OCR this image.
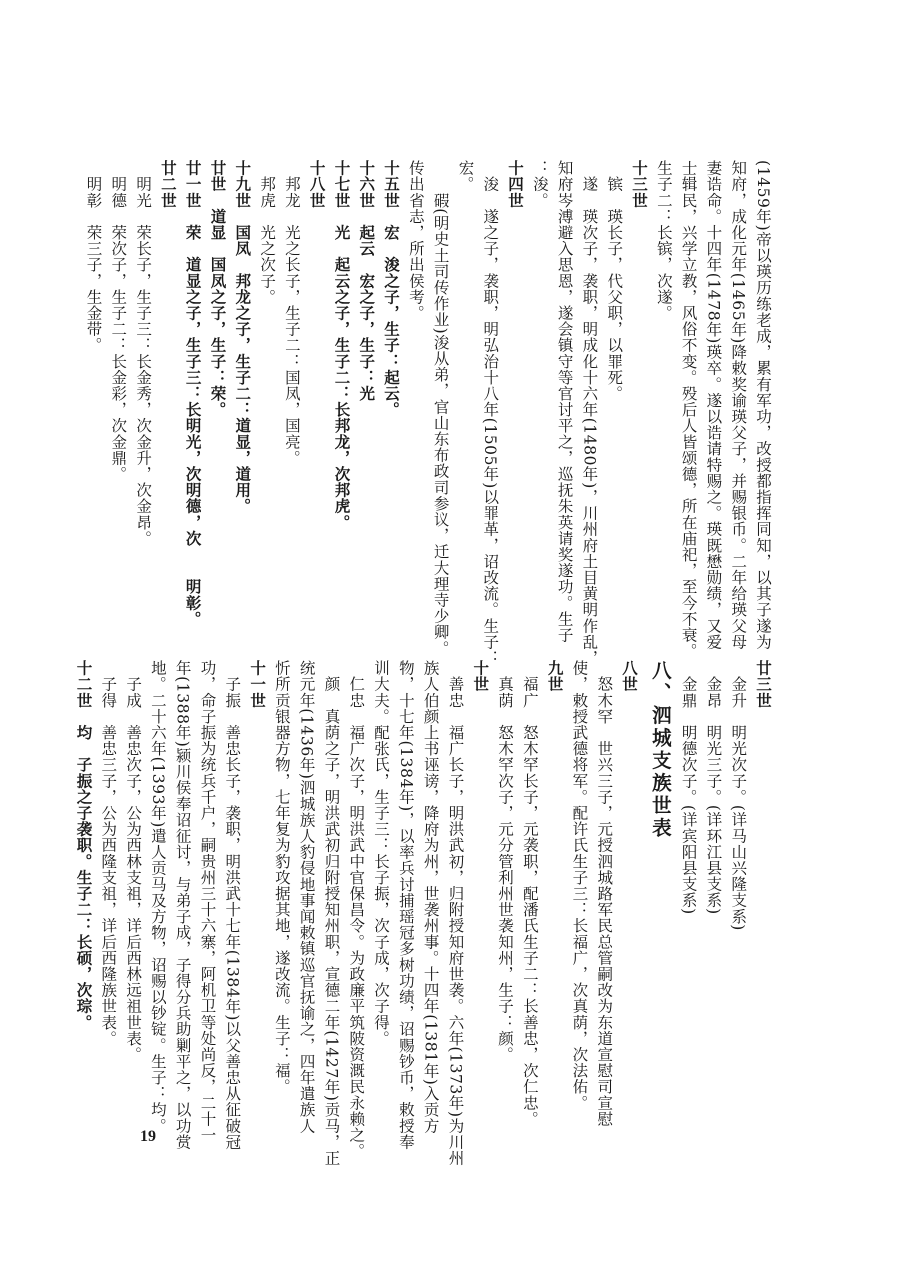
(1459年)帝以瑛历练老成，累有军功，改授都指挥同知，以其子遂为
知府，成化元年(1465年)降敕奖谕瑛父子，并赐银币。二年给瑛父母
妻诰命。十四年(1478年)瑛卒。遂以诰请特赐之。瑛既懋勋绩，又爱
士辑民，兴学立教，风俗不变。殁后人皆颂德，所在庙祀，至今不衰。
生子二：长镔，次遂。
十三世
　镔　瑛长子，代父职，以罪死。
　遂　瑛次子，袭职，明成化十六年(1480年)，川州府土目黄明作乱，
知府岑溥避入思恩，遂会镇守等官讨平之，巡抚朱英请奖遂功。生子
：浚。
十四世
　浚　遂之子，袭职，明弘治十八年(1505年)以罪革，诏改流。生子：
宏。
　　碬(明史土司传作业)浚从弟，官山东布政司参议，迁大理寺少卿。
传出省志，所出侯考。
十五世　宏　浚之子，生子：起云。
十六世　起云　宏之子，生子：光
十七世　光　起云之子，生子二：长邦龙，次邦虎。
十八世
　邦龙　光之长子，生子二：国凤，国亮。
　邦虎　光之次子。
十九世　国凤　邦龙之子，生子二：道显，道用。
廿世　道显　国凤之子，生子：荣。
廿一世　荣　道显之子，生子三：长明光，次明德，次　　明彰。
廿二世
　明光　荣长子，生子三：长金秀，次金升，次金昂。
　明德　荣次子，生子二：长金彩，次金鼎。
　明彰　荣三子，生金带。
廿三世
　金升　明光次子。(详马山兴隆支系)
　金昂　明光三子。(详环江县支系)
　金鼎　明德次子。(详宾阳县支系)
八、泗城支族世表
八世
　怒木罕　世兴三子，元授泗城路军民总管嗣改为东道宣慰司宣慰
使，敕授武德将军。配许氏生子三：长福广，次真荫，次法佑。
九世
　福广　怒木罕长子，元袭职，配潘氏生子二：长善忠，次仁忠。
　真荫　怒木罕次子，元分管利州世袭知州，生子：颜。
十世
　善忠　福广长子，明洪武初，归附授知府世袭。六年(1373年)为川州
族人伯颜上书诬谤，降府为州，世袭州事。十四年(1381年)入贡方
物，十七年(1384年)，以率兵讨捕瑶冠多树功绩，诏赐钞币，敕授奉
训大夫。配张氏，生子三：长子振，次子成，次子得。
　仁忠　福广次子，明洪武中官保昌令。为政廉平筑陂资溉民永赖之。
　颜　真荫之子，明洪武初归附授知州职，宣德二年(1427年)贡马，正
统元年(1436年)泗城族人豹侵地事闻敕镇巡官抚谕之，四年遣族人
忻所贡银器方物，七年复为豹攻据其地，遂改流。生子：福。
十一世
　子振　善忠长子，袭职，明洪武十七年(1384年)以父善忠从征破冠
功，命子振为统兵千户，嗣贵州三十六寨，阿机卫等处尚反，二十一
年(1388年)颍川侯奉诏征讨，与弟子成，子得分兵助剿平之，以功赏
地。二十六年(1393年)遣人贡马及方物，诏赐以钞锭。生子：均。
　子成　善忠次子，公为西林支祖，详后西林远祖世表。
　子得　善忠三子，公为西隆支祖，详后西隆族世表。
十二世　均　子振之子袭职。生子二：长硕，次琮。
19
